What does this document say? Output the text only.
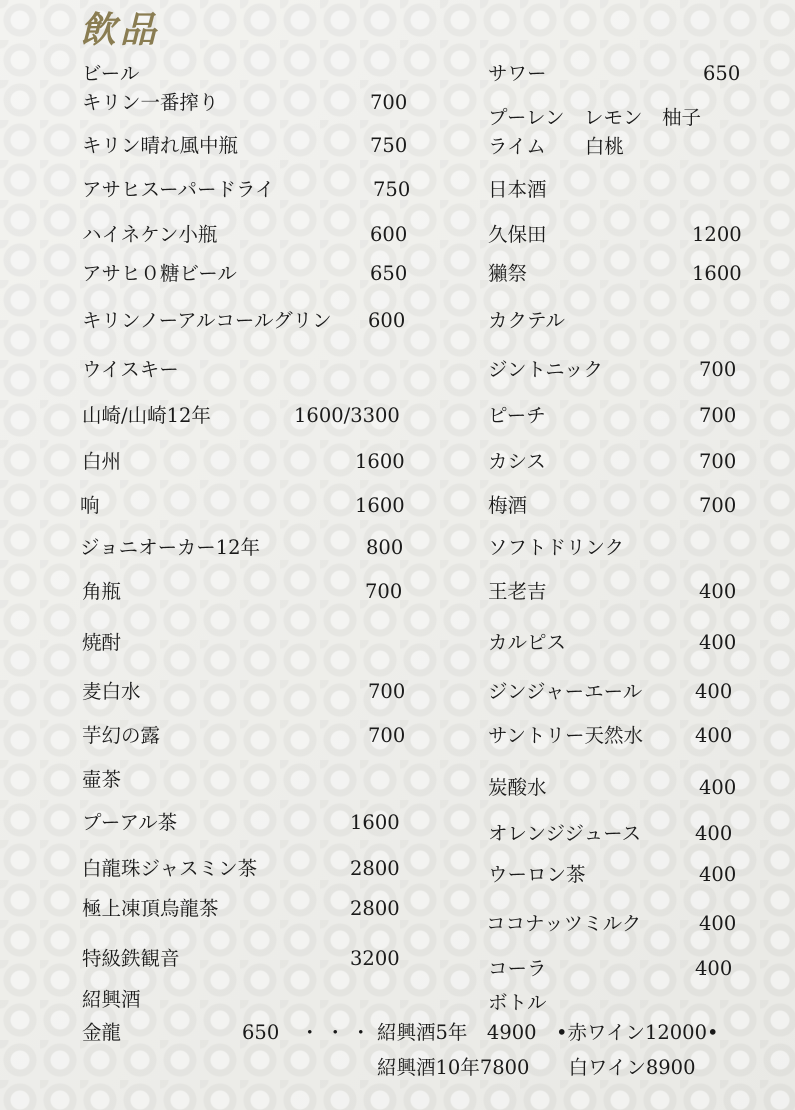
飲品
ビール
キリン一番搾り	700
キリン晴れ風中瓶	750
アサヒスーパードライ	750
ハイネケン小瓶	600
アサヒ０糖ビール	650
キリンノーアルコールグリン 600
ウイスキー
山崎/山崎12年	1600/3300
白州	1600
响	1600
ジョニオーカー12年	800
角瓶	700
焼酎
麦白水	700
芋幻の露	700
壷茶
プーアル茶	1600
白龍珠ジャスミン茶	2800
極上凍頂烏龍茶	2800
特級鉄観音	3200
紹興酒
金龍	650
サワー	650
プーレン　レモン　柚子
ライム　　白桃
日本酒
久保田	1200
獺祭	1600
カクテル
ジントニック	700
ピーチ	700
カシス	700
梅酒	700
ソフトドリンク
王老吉	400
カルピス	400
ジンジャーエール	400
サントリー天然水	400
炭酸水	400
オレンジジュース	400
ウーロン茶	400
ココナッツミルク	400
コーラ	400
ボトル
・・・ 紹興酒5年　4900　•赤ワイン12000•
紹興酒10年7800　　白ワイン8900
